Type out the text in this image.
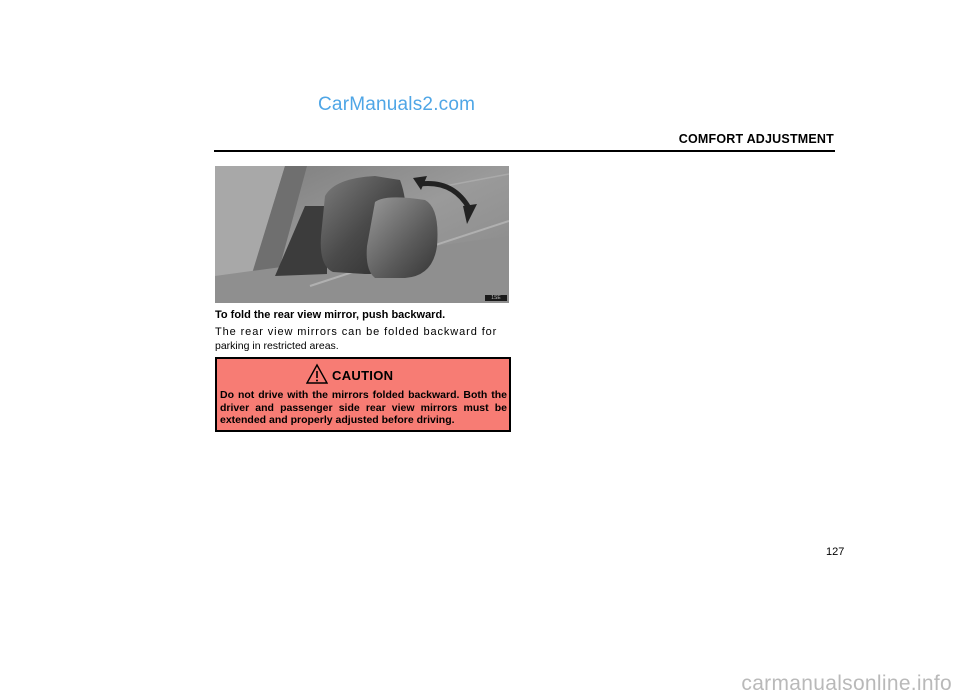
CarManuals2.com
COMFORT ADJUSTMENT
1SE
To fold the rear view mirror, push backward.
The rear view mirrors can be folded backward for
parking in restricted areas.
CAUTION
Do not drive with the mirrors folded backward. Both the driver and passenger side rear view mirrors must be extended and properly adjusted before driving.
127
carmanualsonline.info
